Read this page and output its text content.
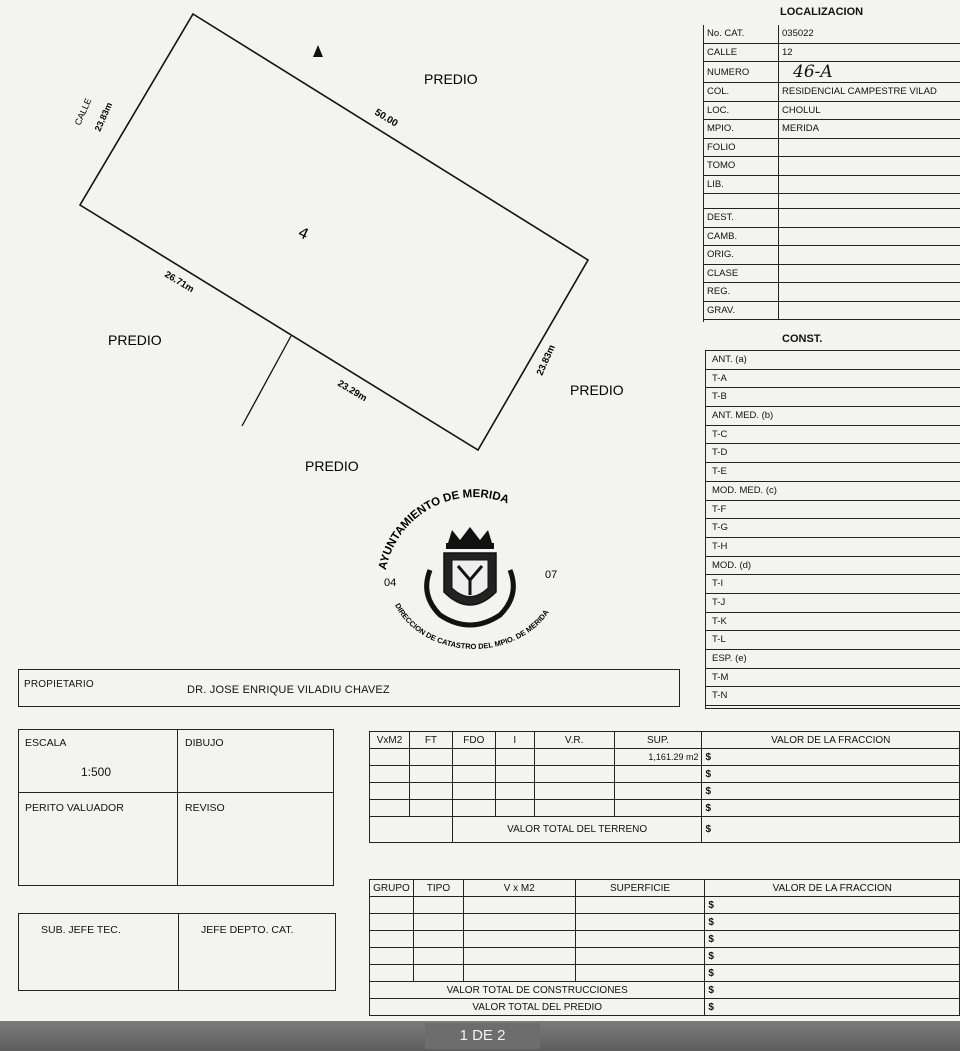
CALLE 23.83m	50.00
26.71m
23.29m
23.83m
4
PREDIO
PREDIO
PREDIO
PREDIO
AYUNTAMIENTO DE MERIDA
DIRECCION DE CATASTRO DEL MPIO. DE MERIDA
04
07
LOCALIZACION
No. CAT.	035022
CALLE	12
NUMERO	46-A
COL.	RESIDENCIAL CAMPESTRE VILAD
LOC.	CHOLUL
MPIO.	MERIDA
FOLIO	
TOMO	
LIB.	

DEST.	
CAMB.	
ORIG.	
CLASE	
REG.	
GRAV.	
CONST.
ANT. (a)
T-A
T-B
ANT. MED. (b)
T-C
T-D
T-E
MOD. MED. (c)
T-F
T-G
T-H
MOD. (d)
T-I
T-J
T-K
T-L
ESP. (e)
T-M
T-N
PROPIETARIO	DR. JOSE ENRIQUE VILADIU CHAVEZ
ESCALA
1:500
DIBUJO
PERITO VALUADOR	REVISO
SUB. JEFE TEC.	JEFE DEPTO. CAT.
VxM2	FT	FDO	I	V.R.	SUP.	VALOR DE LA FRACCION
					1,161.29 m2	$
						$
						$
						$
		VALOR TOTAL DEL TERRENO				$
GRUPO	TIPO	V x M2	SUPERFICIE	VALOR DE LA FRACCION
				$
				$
				$
				$
				$
VALOR TOTAL DE CONSTRUCCIONES				$
VALOR TOTAL DEL PREDIO				$
1 DE 2
